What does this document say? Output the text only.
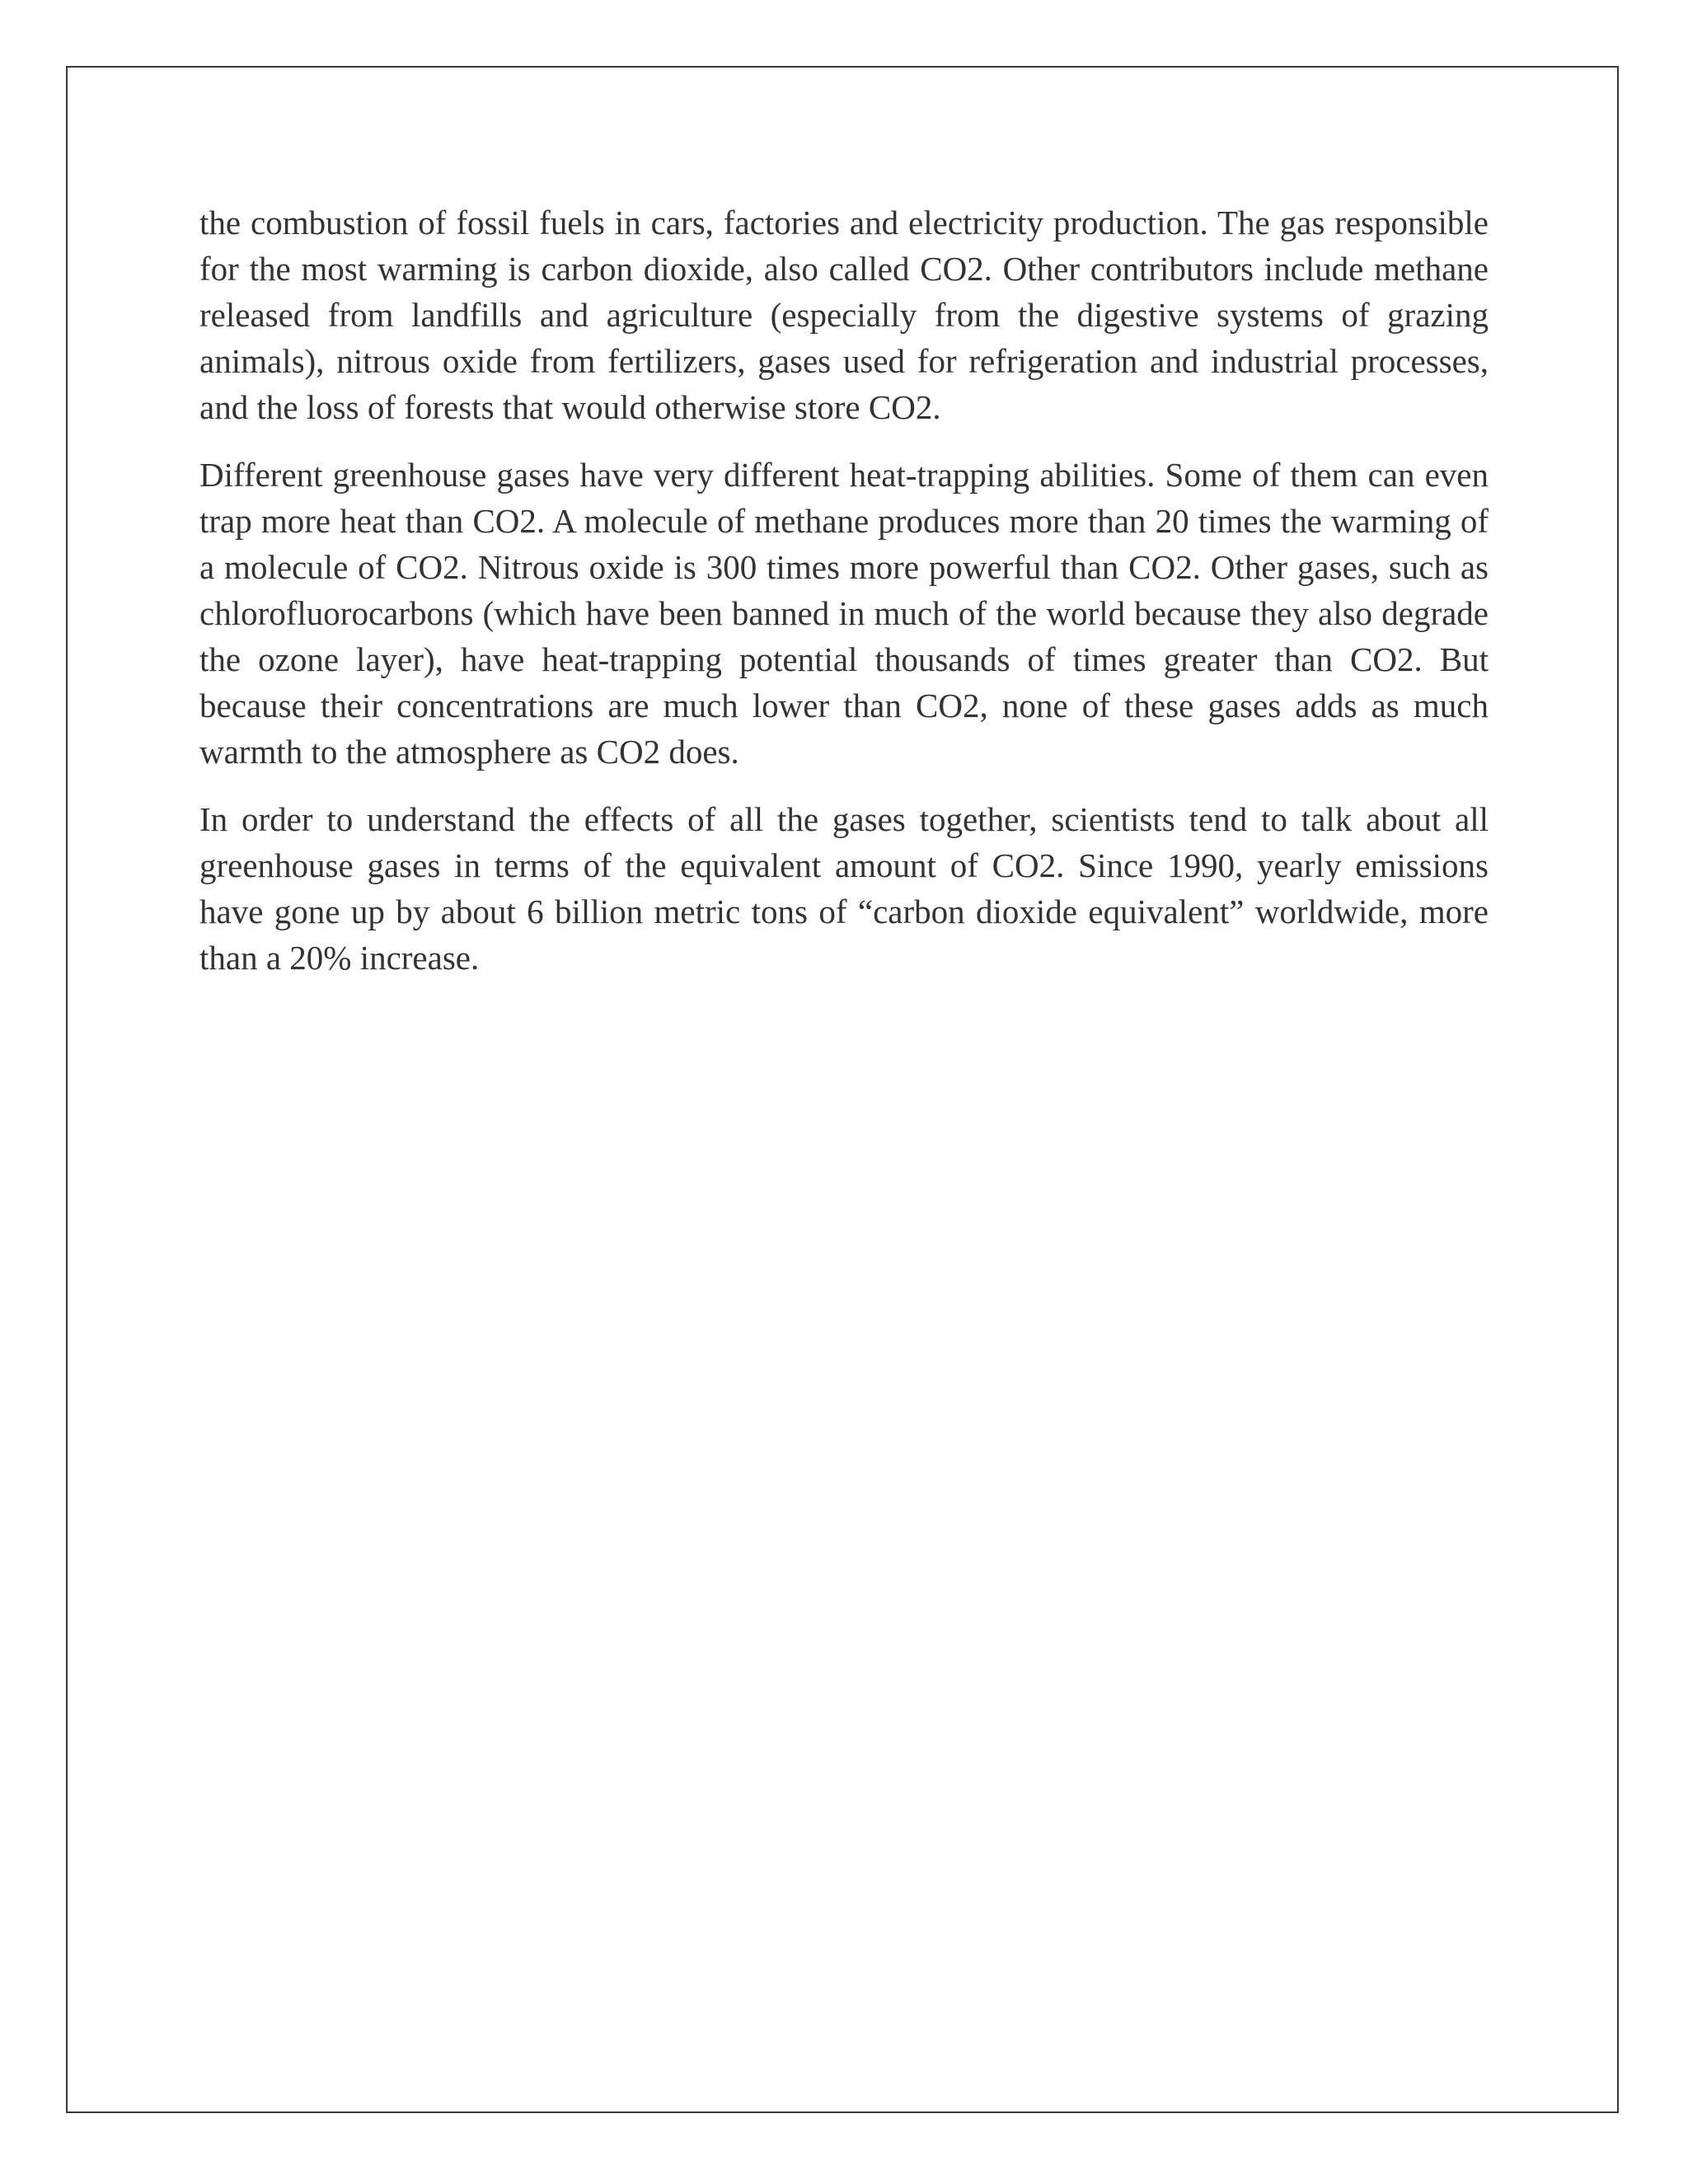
the combustion of fossil fuels in cars, factories and electricity production. The gas responsible for the most warming is carbon dioxide, also called CO2. Other contributors include methane released from landfills and agriculture (especially from the digestive systems of grazing animals), nitrous oxide from fertilizers, gases used for refrigeration and industrial processes, and the loss of forests that would otherwise store CO2.

Different greenhouse gases have very different heat-trapping abilities. Some of them can even trap more heat than CO2. A molecule of methane produces more than 20 times the warming of a molecule of CO2. Nitrous oxide is 300 times more powerful than CO2. Other gases, such as chlorofluorocarbons (which have been banned in much of the world because they also degrade the ozone layer), have heat-trapping potential thousands of times greater than CO2. But because their concentrations are much lower than CO2, none of these gases adds as much warmth to the atmosphere as CO2 does.

In order to understand the effects of all the gases together, scientists tend to talk about all greenhouse gases in terms of the equivalent amount of CO2. Since 1990, yearly emissions have gone up by about 6 billion metric tons of “carbon dioxide equivalent” worldwide, more than a 20% increase.
